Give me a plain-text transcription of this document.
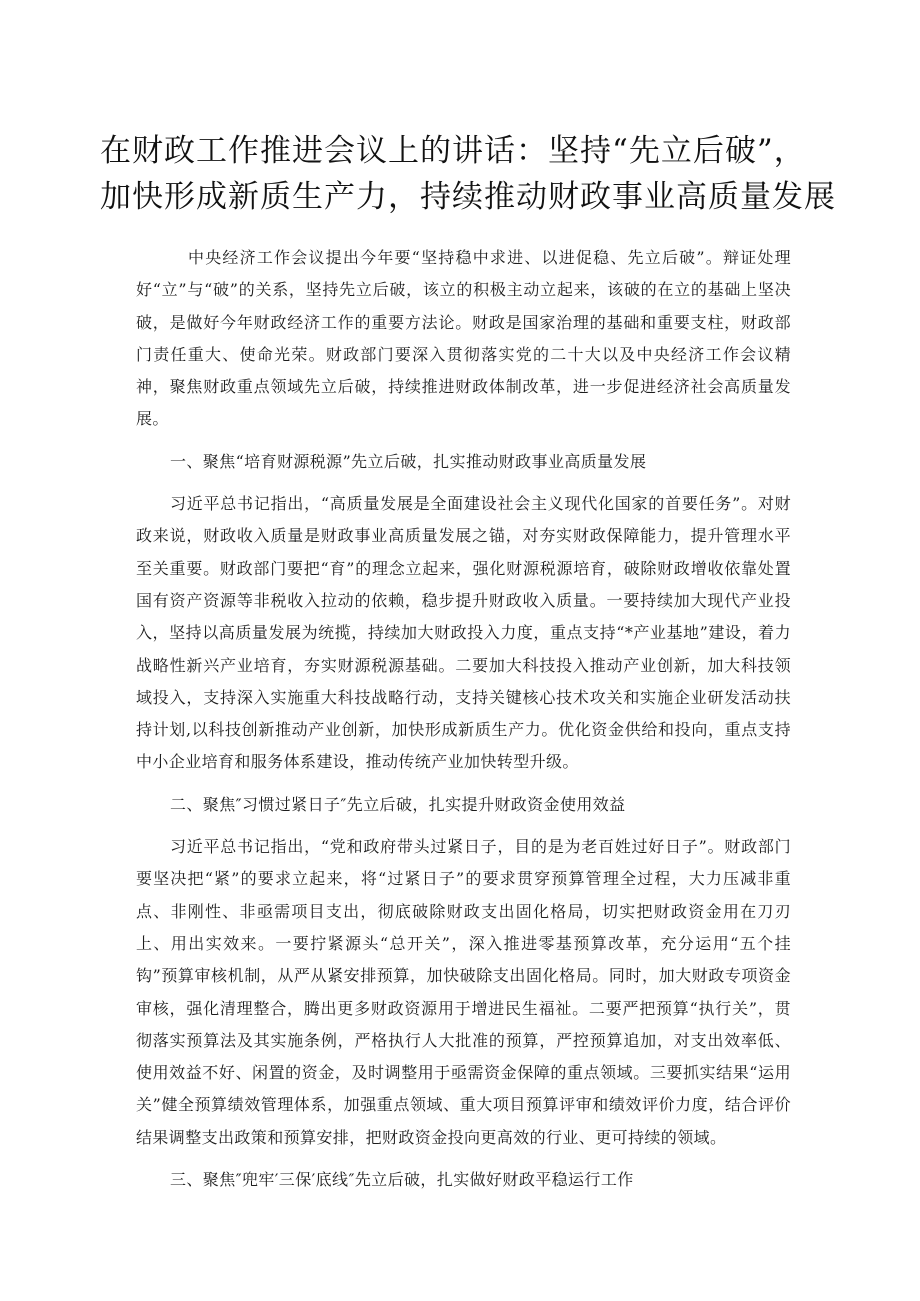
在财政工作推进会议上的讲话：坚持“先立后破”，
加快形成新质生产力，持续推动财政事业高质量发展

中央经济工作会议提出今年要“坚持稳中求进、以进促稳、先立后破”。辩证处理好“立”与“破”的关系，坚持先立后破，该立的积极主动立起来，该破的在立的基础上坚决破，是做好今年财政经济工作的重要方法论。财政是国家治理的基础和重要支柱，财政部门责任重大、使命光荣。财政部门要深入贯彻落实党的二十大以及中央经济工作会议精神，聚焦财政重点领域先立后破，持续推进财政体制改革，进一步促进经济社会高质量发展。

一、聚焦“培育财源税源”先立后破，扎实推动财政事业高质量发展

习近平总书记指出，“高质量发展是全面建设社会主义现代化国家的首要任务”。对财政来说，财政收入质量是财政事业高质量发展之锚，对夯实财政保障能力，提升管理水平至关重要。财政部门要把“育”的理念立起来，强化财源税源培育，破除财政增收依靠处置国有资产资源等非税收入拉动的依赖，稳步提升财政收入质量。一要持续加大现代产业投入，坚持以高质量发展为统揽，持续加大财政投入力度，重点支持“*产业基地”建设，着力战略性新兴产业培育，夯实财源税源基础。二要加大科技投入推动产业创新，加大科技领域投入，支持深入实施重大科技战略行动，支持关键核心技术攻关和实施企业研发活动扶持计划,以科技创新推动产业创新，加快形成新质生产力。优化资金供给和投向，重点支持中小企业培育和服务体系建设，推动传统产业加快转型升级。

二、聚焦″习惯过紧日子″先立后破，扎实提升财政资金使用效益

习近平总书记指出，“党和政府带头过紧日子，目的是为老百姓过好日子”。财政部门要坚决把“紧”的要求立起来，将“过紧日子”的要求贯穿预算管理全过程，大力压减非重点、非刚性、非亟需项目支出，彻底破除财政支出固化格局，切实把财政资金用在刀刃上、用出实效来。一要拧紧源头“总开关”，深入推进零基预算改革，充分运用“五个挂钩”预算审核机制，从严从紧安排预算，加快破除支出固化格局。同时，加大财政专项资金审核，强化清理整合，腾出更多财政资源用于增进民生福祉。二要严把预算“执行关”，贯彻落实预算法及其实施条例，严格执行人大批准的预算，严控预算追加，对支出效率低、使用效益不好、闲置的资金，及时调整用于亟需资金保障的重点领域。三要抓实结果“运用关”健全预算绩效管理体系，加强重点领域、重大项目预算评审和绩效评价力度，结合评价结果调整支出政策和预算安排，把财政资金投向更高效的行业、更可持续的领域。

三、聚焦″兜牢′三保′底线″先立后破，扎实做好财政平稳运行工作
